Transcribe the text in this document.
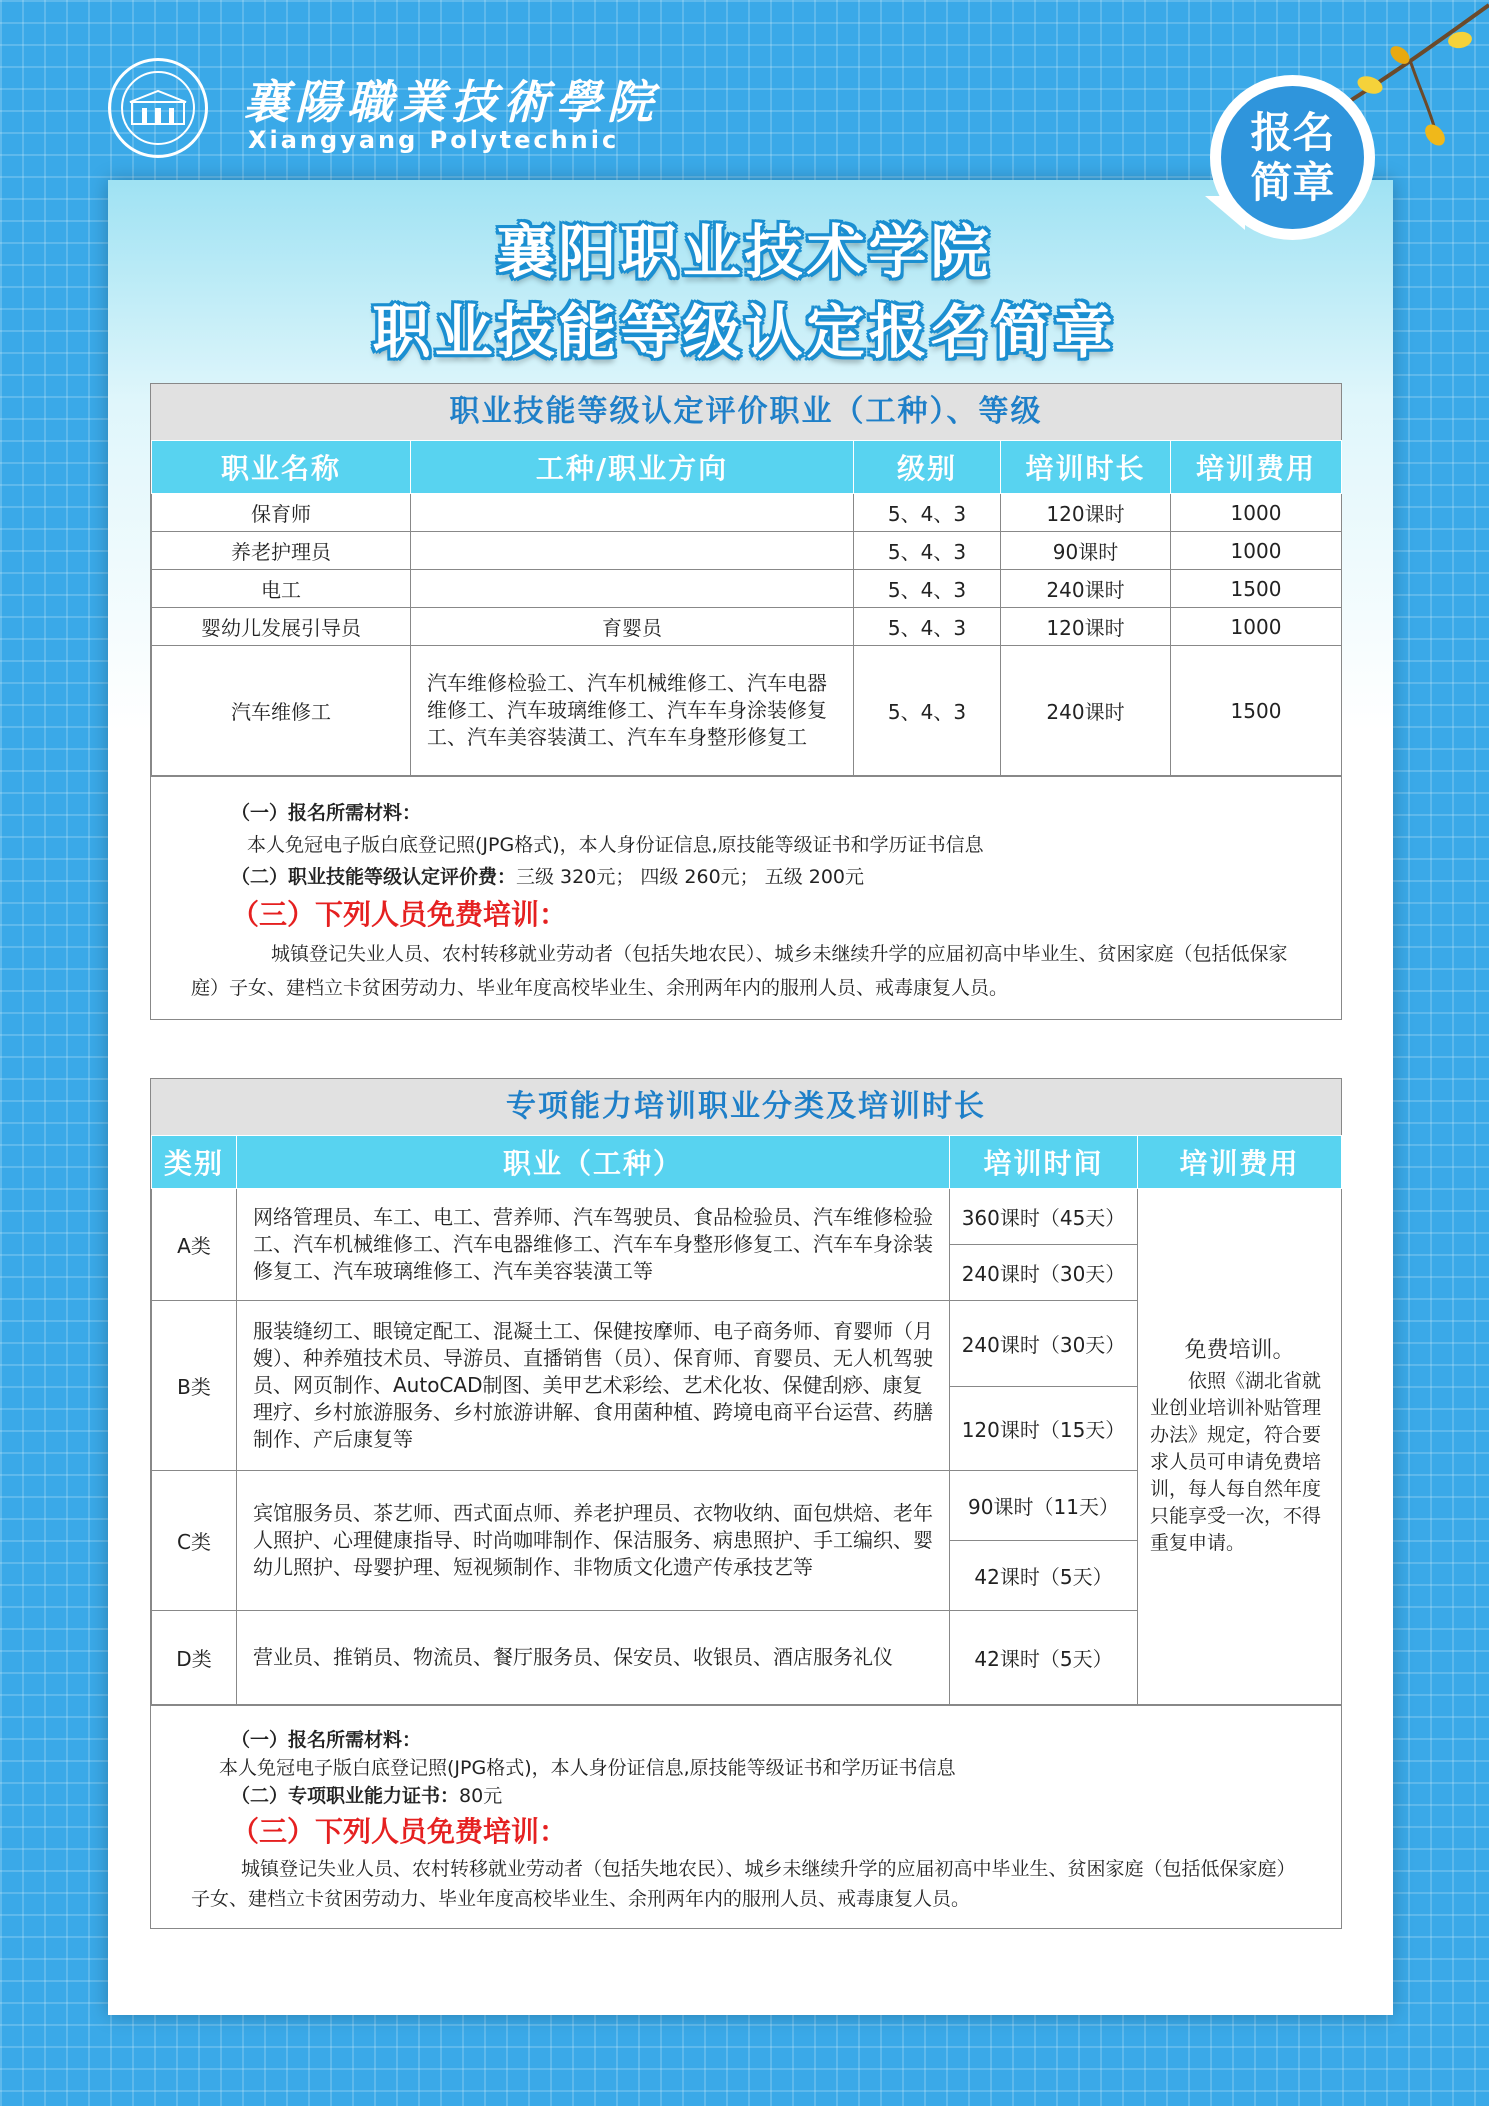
襄陽職業技術學院
Xiangyang Polytechnic	报名
简章
襄阳职业技术学院
职业技能等级认定报名简章
职业技能等级认定评价职业（工种）、等级
职业名称	工种/职业方向	级别	培训时长	培训费用
保育师		5、4、3	120课时	1000
养老护理员		5、4、3	90课时	1000
电工		5、4、3	240课时	1500
婴幼儿发展引导员	育婴员	5、4、3	120课时	1000
汽车维修工	汽车维修检验工、汽车机械维修工、汽车电器维修工、汽车玻璃维修工、汽车车身涂装修复工、汽车美容装潢工、汽车车身整形修复工	5、4、3	240课时	1500
（一）报名所需材料：
本人免冠电子版白底登记照(JPG格式)，本人身份证信息,原技能等级证书和学历证书信息
（二）职业技能等级认定评价费：三级 320元； 四级 260元； 五级 200元
（三）下列人员免费培训：
城镇登记失业人员、农村转移就业劳动者（包括失地农民）、城乡未继续升学的应届初高中毕业生、贫困家庭（包括低保家庭）子女、建档立卡贫困劳动力、毕业年度高校毕业生、余刑两年内的服刑人员、戒毒康复人员。
专项能力培训职业分类及培训时长
类别	职业（工种）	培训时间	培训费用
A类	网络管理员、车工、电工、营养师、汽车驾驶员、食品检验员、汽车维修检验工、汽车机械维修工、汽车电器维修工、汽车车身整形修复工、汽车车身涂装修复工、汽车玻璃维修工、汽车美容装潢工等	360课时（45天）	免费培训。
依照《湖北省就业创业培训补贴管理办法》规定，符合要求人员可申请免费培训，每人每自然年度只能享受一次，不得重复申请。

		240课时（30天）	
B类	服装缝纫工、眼镜定配工、混凝土工、保健按摩师、电子商务师、育婴师（月嫂）、种养殖技术员、导游员、直播销售（员）、保育师、育婴员、无人机驾驶员、网页制作、AutoCAD制图、美甲艺术彩绘、艺术化妆、保健刮痧、康复理疗、乡村旅游服务、乡村旅游讲解、食用菌种植、跨境电商平台运营、药膳制作、产后康复等	240课时（30天）	
		120课时（15天）	
C类	宾馆服务员、茶艺师、西式面点师、养老护理员、衣物收纳、面包烘焙、老年人照护、心理健康指导、时尚咖啡制作、保洁服务、病患照护、手工编织、婴幼儿照护、母婴护理、短视频制作、非物质文化遗产传承技艺等	90课时（11天）	
		42课时（5天）	
D类	营业员、推销员、物流员、餐厅服务员、保安员、收银员、酒店服务礼仪	42课时（5天）	
（一）报名所需材料：
本人免冠电子版白底登记照(JPG格式)，本人身份证信息,原技能等级证书和学历证书信息
（二）专项职业能力证书：80元
（三）下列人员免费培训：
城镇登记失业人员、农村转移就业劳动者（包括失地农民）、城乡未继续升学的应届初高中毕业生、贫困家庭（包括低保家庭）子女、建档立卡贫困劳动力、毕业年度高校毕业生、余刑两年内的服刑人员、戒毒康复人员。
